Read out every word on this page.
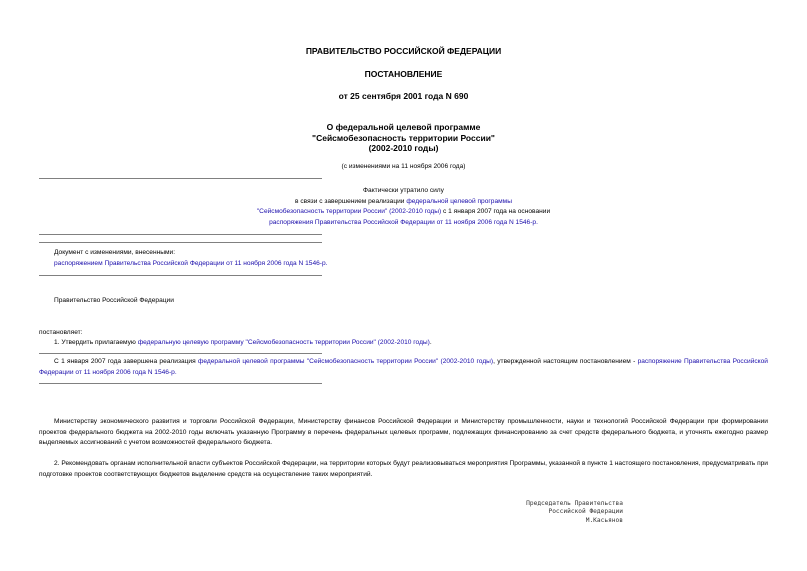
ПРАВИТЕЛЬСТВО РОССИЙСКОЙ ФЕДЕРАЦИИ
ПОСТАНОВЛЕНИЕ
от 25 сентября 2001 года N 690
О федеральной целевой программе
"Сейсмобезопасность территории России"
(2002-2010 годы)
(с изменениями на 11 ноября 2006 года)
Фактически утратило силу
в связи с завершением реализации федеральной целевой программы
"Сейсмобезопасность территории России" (2002-2010 годы) с 1 января 2007 года на основании
распоряжения Правительства Российской Федерации от 11 ноября 2006 года N 1546-р.
Документ с изменениями, внесенными:
распоряжением Правительства Российской Федерации от 11 ноября 2006 года N 1546-р.
Правительство Российской Федерации
постановляет:
1. Утвердить прилагаемую федеральную целевую программу "Сейсмобезопасность территории России" (2002-2010 годы).
С 1 января 2007 года завершена реализация федеральной целевой программы "Сейсмобезопасность территории России" (2002-2010 годы), утвержденной настоящим постановлением - распоряжение Правительства Российской Федерации от 11 ноября 2006 года N 1546-р.
Министерству экономического развития и торговли Российской Федерации, Министерству финансов Российской Федерации и Министерству промышленности, науки и технологий Российской Федерации при формировании проектов федерального бюджета на 2002-2010 годы включать указанную Программу в перечень федеральных целевых программ, подлежащих финансированию за счет средств федерального бюджета, и уточнять ежегодно размер выделяемых ассигнований с учетом возможностей федерального бюджета.
2. Рекомендовать органам исполнительной власти субъектов Российской Федерации, на территории которых будут реализовываться мероприятия Программы, указанной в пункте 1 настоящего постановления, предусматривать при подготовке проектов соответствующих бюджетов выделение средств на осуществление таких мероприятий.
Председатель Правительства
Российской Федерации
М.Касьянов
